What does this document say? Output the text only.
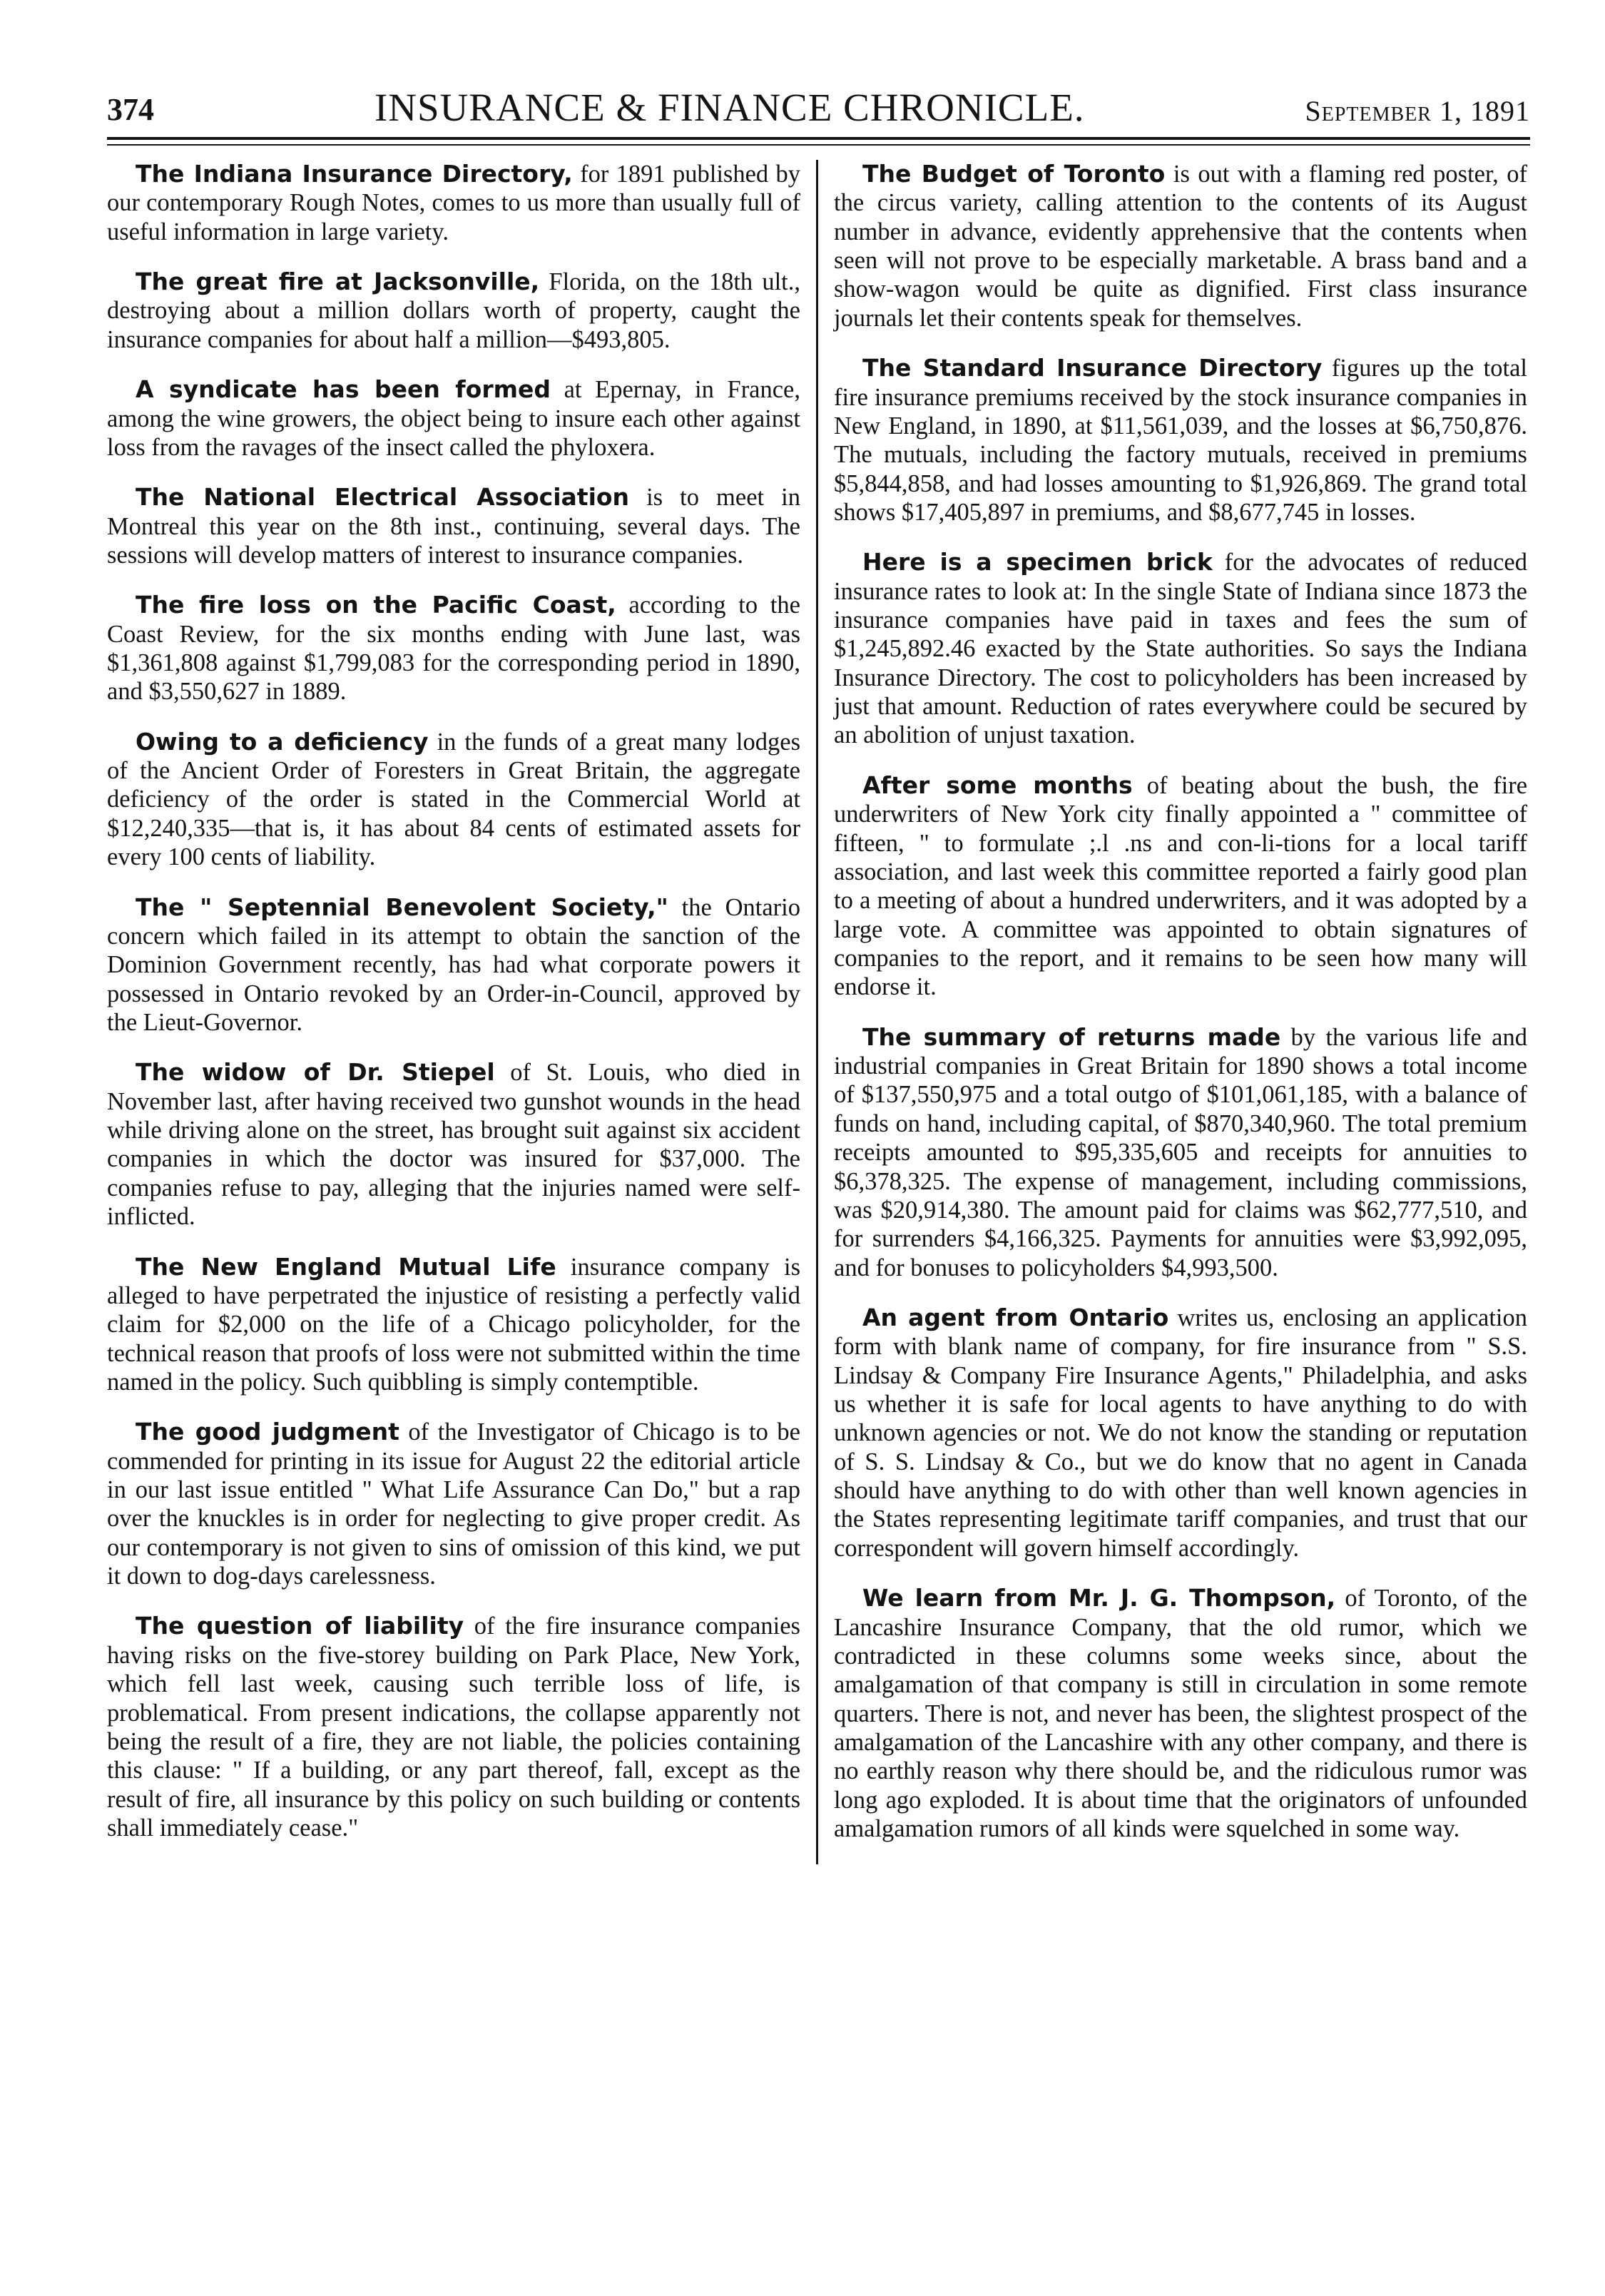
374	INSURANCE & FINANCE CHRONICLE.	September 1, 1891

The Indiana Insurance Directory, for 1891 published by our contemporary Rough Notes, comes to us more than usually full of useful information in large variety.

The great fire at Jacksonville, Florida, on the 18th ult., destroying about a million dollars worth of property, caught the insurance companies for about half a million—$493,805.

A syndicate has been formed at Epernay, in France, among the wine growers, the object being to insure each other against loss from the ravages of the insect called the phyloxera.

The National Electrical Association is to meet in Montreal this year on the 8th inst., continuing, several days. The sessions will develop matters of interest to insurance companies.

The fire loss on the Pacific Coast, according to the Coast Review, for the six months ending with June last, was $1,361,808 against $1,799,083 for the corresponding period in 1890, and $3,550,627 in 1889.

Owing to a deficiency in the funds of a great many lodges of the Ancient Order of Foresters in Great Britain, the aggregate deficiency of the order is stated in the Commercial World at $12,240,335—that is, it has about 84 cents of estimated assets for every 100 cents of liability.

The " Septennial Benevolent Society," the Ontario concern which failed in its attempt to obtain the sanction of the Dominion Government recently, has had what corporate powers it possessed in Ontario revoked by an Order-in-Council, approved by the Lieut-Governor.

The widow of Dr. Stiepel of St. Louis, who died in November last, after having received two gunshot wounds in the head while driving alone on the street, has brought suit against six accident companies in which the doctor was insured for $37,000. The companies refuse to pay, alleging that the injuries named were self-inflicted.

The New England Mutual Life insurance company is alleged to have perpetrated the injustice of resisting a perfectly valid claim for $2,000 on the life of a Chicago policyholder, for the technical reason that proofs of loss were not submitted within the time named in the policy. Such quibbling is simply contemptible.

The good judgment of the Investigator of Chicago is to be commended for printing in its issue for August 22 the editorial article in our last issue entitled " What Life Assurance Can Do," but a rap over the knuckles is in order for neglecting to give proper credit. As our contemporary is not given to sins of omission of this kind, we put it down to dog-days carelessness.

The question of liability of the fire insurance companies having risks on the five-storey building on Park Place, New York, which fell last week, causing such terrible loss of life, is problematical. From present indications, the collapse apparently not being the result of a fire, they are not liable, the policies containing this clause: " If a building, or any part thereof, fall, except as the result of fire, all insurance by this policy on such building or contents shall immediately cease."

The Budget of Toronto is out with a flaming red poster, of the circus variety, calling attention to the contents of its August number in advance, evidently apprehensive that the contents when seen will not prove to be especially marketable. A brass band and a show-wagon would be quite as dignified. First class insurance journals let their contents speak for themselves.

The Standard Insurance Directory figures up the total fire insurance premiums received by the stock insurance companies in New England, in 1890, at $11,561,039, and the losses at $6,750,876. The mutuals, including the factory mutuals, received in premiums $5,844,858, and had losses amounting to $1,926,869. The grand total shows $17,405,897 in premiums, and $8,677,745 in losses.

Here is a specimen brick for the advocates of reduced insurance rates to look at: In the single State of Indiana since 1873 the insurance companies have paid in taxes and fees the sum of $1,245,892.46 exacted by the State authorities. So says the Indiana Insurance Directory. The cost to policyholders has been increased by just that amount. Reduction of rates everywhere could be secured by an abolition of unjust taxation.

After some months of beating about the bush, the fire underwriters of New York city finally appointed a " committee of fifteen, " to formulate ;.l .ns and con-li-tions for a local tariff association, and last week this committee reported a fairly good plan to a meeting of about a hundred underwriters, and it was adopted by a large vote. A committee was appointed to obtain signatures of companies to the report, and it remains to be seen how many will endorse it.

The summary of returns made by the various life and industrial companies in Great Britain for 1890 shows a total income of $137,550,975 and a total outgo of $101,061,185, with a balance of funds on hand, including capital, of $870,340,960. The total premium receipts amounted to $95,335,605 and receipts for annuities to $6,378,325. The expense of management, including commissions, was $20,914,380. The amount paid for claims was $62,777,510, and for surrenders $4,166,325. Payments for annuities were $3,992,095, and for bonuses to policyholders $4,993,500.

An agent from Ontario writes us, enclosing an application form with blank name of company, for fire insurance from " S.S. Lindsay & Company Fire Insurance Agents," Philadelphia, and asks us whether it is safe for local agents to have anything to do with unknown agencies or not. We do not know the standing or reputation of S. S. Lindsay & Co., but we do know that no agent in Canada should have anything to do with other than well known agencies in the States representing legitimate tariff companies, and trust that our correspondent will govern himself accordingly.

We learn from Mr. J. G. Thompson, of Toronto, of the Lancashire Insurance Company, that the old rumor, which we contradicted in these columns some weeks since, about the amalgamation of that company is still in circulation in some remote quarters. There is not, and never has been, the slightest prospect of the amalgamation of the Lancashire with any other company, and there is no earthly reason why there should be, and the ridiculous rumor was long ago exploded. It is about time that the originators of unfounded amalgamation rumors of all kinds were squelched in some way.
